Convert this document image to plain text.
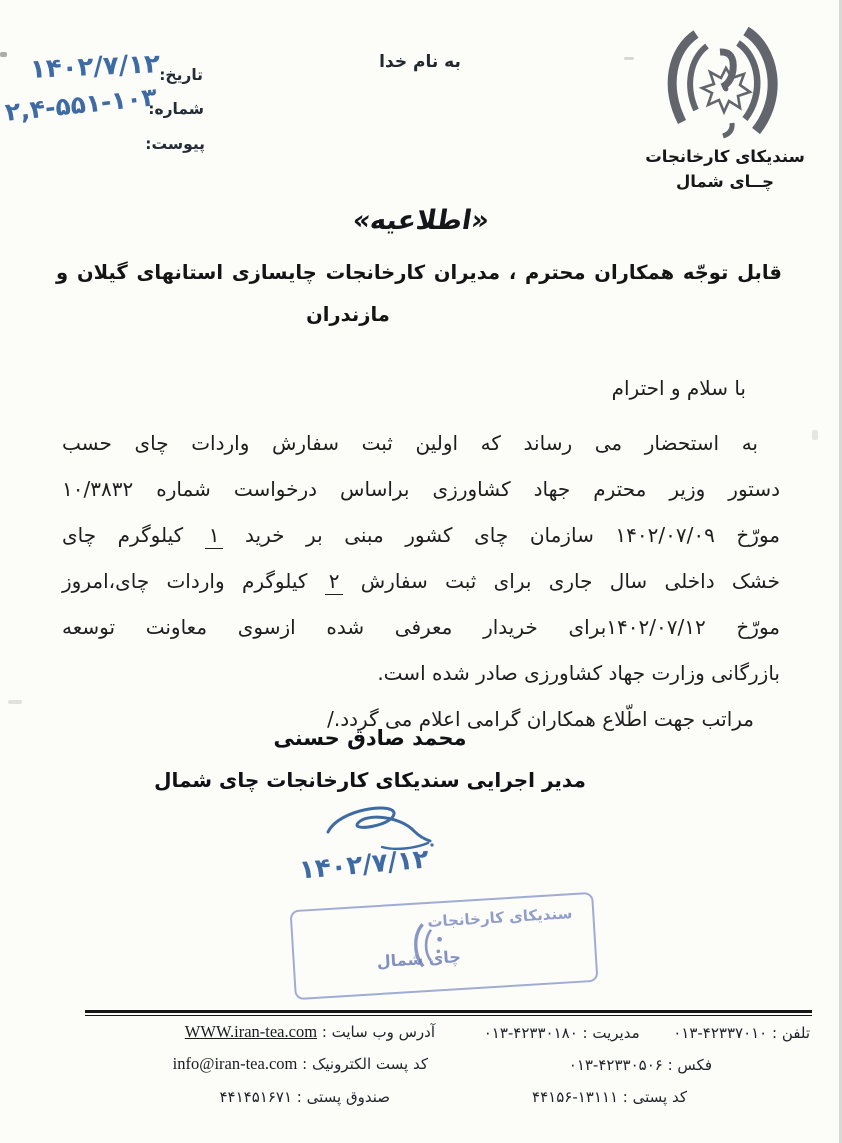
تاریخ:
۱۴۰۲/۷/۱۲
شماره:
۲,۴-۵۵۱-۱۰۳
پیوست:
به نام خدا
سندیکای کارخانجات
چــای شمال
«اطلاعیه»
قابل توجّه همکاران محترم ، مدیران کارخانجات چایسازی استانهای گیلان و
مازندران
با سلام و احترام
به استحضار می رساند که اولین ثبت سفارش واردات چای حسب
دستور وزیر محترم جهاد کشاورزی براساس درخواست شماره ۱۰/۳۸۳۲
مورّخ ۱۴۰۲/۰۷/۰۹ سازمان چای کشور مبنی بر خرید ۱ کیلوگرم چای
خشک داخلی سال جاری برای ثبت سفارش ۲ کیلوگرم واردات چای،امروز
مورّخ ۱۴۰۲/۰۷/۱۲برای خریدار معرفی شده ازسوی معاونت توسعه
بازرگانی وزارت جهاد کشاورزی صادر شده است.
مراتب جهت اطّلاع همکاران گرامی اعلام می گردد./
محمد صادق حسنی
مدیر اجرایی سندیکای کارخانجات چای شمال
۱۴۰۲/۷/۱۲
سندیکای کارخانجات
چای شمال
تلفن : ۰۱۳-۴۲۳۳۷۰۱۰  مدیریت : ۰۱۳-۴۲۳۳۰۱۸۰
فکس : ۰۱۳-۴۲۳۳۰۵۰۶
کد پستی : ۴۴۱۵۶-۱۳۱۱۱
آدرس وب سایت : WWW.iran-tea.com
کد پست الکترونیک : info@iran-tea.com
صندوق پستی : ۴۴۱۴۵۱۶۷۱
